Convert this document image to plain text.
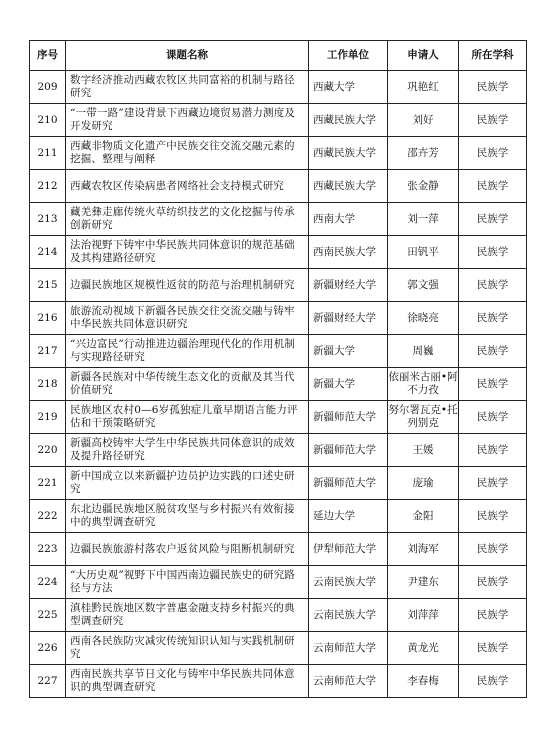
序号	课题名称	工作单位	申请人	所在学科
209	数字经济推动西藏农牧区共同富裕的机制与路径研究	西藏大学	巩艳红	民族学
210	“一带一路”建设背景下西藏边境贸易潜力测度及开发研究	西藏民族大学	刘好	民族学
211	西藏非物质文化遗产中民族交往交流交融元素的挖掘、整理与阐释	西藏民族大学	邵卉芳	民族学
212	西藏农牧区传染病患者网络社会支持模式研究	西藏民族大学	张金静	民族学
213	藏羌彝走廊传统火草纺织技艺的文化挖掘与传承创新研究	西南大学	刘一萍	民族学
214	法治视野下铸牢中华民族共同体意识的规范基础及其构建路径研究	西南民族大学	田钒平	民族学
215	边疆民族地区规模性返贫的防范与治理机制研究	新疆财经大学	郭文强	民族学
216	旅游流动视域下新疆各民族交往交流交融与铸牢中华民族共同体意识研究	新疆财经大学	徐晓亮	民族学
217	“兴边富民”行动推进边疆治理现代化的作用机制与实现路径研究	新疆大学	周巍	民族学
218	新疆各民族对中华传统生态文化的贡献及其当代价值研究	新疆大学	依丽米古丽•阿不力孜	民族学
219	民族地区农村0—6岁孤独症儿童早期语言能力评估和干预策略研究	新疆师范大学	努尔署瓦克•托列别克	民族学
220	新疆高校铸牢大学生中华民族共同体意识的成效及提升路径研究	新疆师范大学	王媛	民族学
221	新中国成立以来新疆护边员护边实践的口述史研究	新疆师范大学	庞瑜	民族学
222	东北边疆民族地区脱贫攻坚与乡村振兴有效衔接中的典型调查研究	延边大学	金阳	民族学
223	边疆民族旅游村落农户返贫风险与阻断机制研究	伊犁师范大学	刘海军	民族学
224	“大历史观”视野下中国西南边疆民族史的研究路径与方法	云南民族大学	尹建东	民族学
225	滇桂黔民族地区数字普惠金融支持乡村振兴的典型调查研究	云南民族大学	刘萍萍	民族学
226	西南各民族防灾减灾传统知识认知与实践机制研究	云南师范大学	黄龙光	民族学
227	西南民族共享节日文化与铸牢中华民族共同体意识的典型调查研究	云南师范大学	李春梅	民族学
